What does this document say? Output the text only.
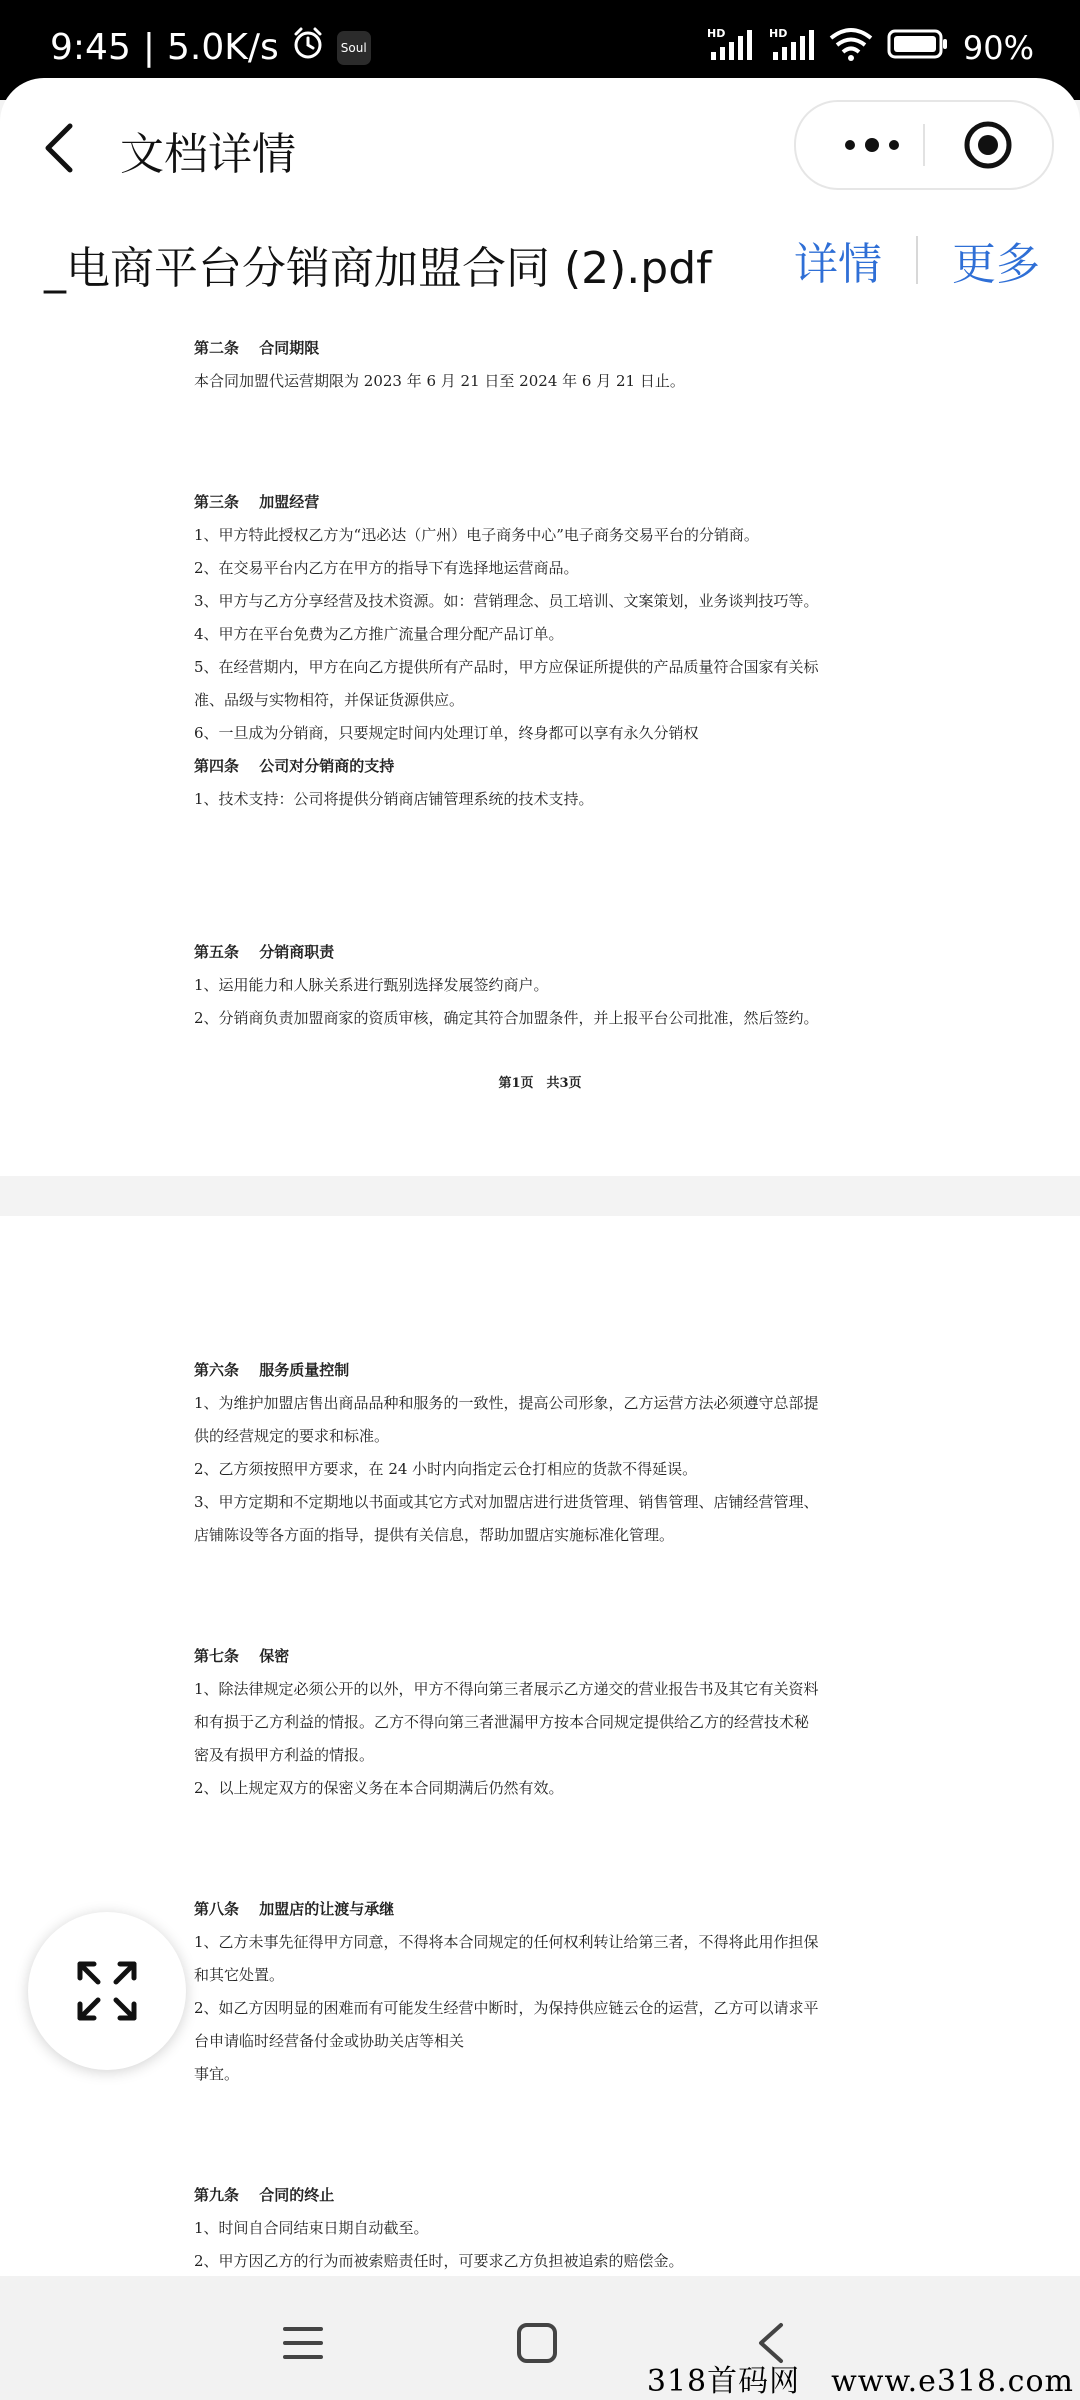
9:45 | 5.0K/s	Soul
HD	HD	90%
文档详情
_电商平台分销商加盟合同 (2).pdf 详情 更多
第二条　 合同期限
本合同加盟代运营期限为 2023 年 6 月 21 日至 2024 年 6 月 21 日止。
第三条　 加盟经营
1、甲方特此授权乙方为“迅必达（广州）电子商务中心”电子商务交易平台的分销商。
2、在交易平台内乙方在甲方的指导下有选择地运营商品。
3、甲方与乙方分享经营及技术资源。如：营销理念、员工培训、文案策划，业务谈判技巧等。
4、甲方在平台免费为乙方推广流量合理分配产品订单。
5、在经营期内，甲方在向乙方提供所有产品时，甲方应保证所提供的产品质量符合国家有关标
准、品级与实物相符，并保证货源供应。
6、一旦成为分销商，只要规定时间内处理订单，终身都可以享有永久分销权
第四条　 公司对分销商的支持
1、技术支持：公司将提供分销商店铺管理系统的技术支持。
第五条　 分销商职责
1、运用能力和人脉关系进行甄别选择发展签约商户。
2、分销商负责加盟商家的资质审核，确定其符合加盟条件，并上报平台公司批准，然后签约。
第1页　共3页
第六条　 服务质量控制
1、为维护加盟店售出商品品种和服务的一致性，提高公司形象，乙方运营方法必须遵守总部提
供的经营规定的要求和标准。
2、乙方须按照甲方要求，在 24 小时内向指定云仓打相应的货款不得延误。
3、甲方定期和不定期地以书面或其它方式对加盟店进行进货管理、销售管理、店铺经营管理、
店铺陈设等各方面的指导，提供有关信息，帮助加盟店实施标准化管理。
第七条　 保密
1、除法律规定必须公开的以外，甲方不得向第三者展示乙方递交的营业报告书及其它有关资料
和有损于乙方利益的情报。乙方不得向第三者泄漏甲方按本合同规定提供给乙方的经营技术秘
密及有损甲方利益的情报。
2、以上规定双方的保密义务在本合同期满后仍然有效。
第八条　 加盟店的让渡与承继
1、乙方未事先征得甲方同意，不得将本合同规定的任何权利转让给第三者，不得将此用作担保
和其它处置。
2、如乙方因明显的困难而有可能发生经营中断时，为保持供应链云仓的运营，乙方可以请求平
台申请临时经营备付金或协助关店等相关
事宜。
第九条　 合同的终止
1、时间自合同结束日期自动截至。
2、甲方因乙方的行为而被索赔责任时，可要求乙方负担被追索的赔偿金。
318首码网　www.e318.com
